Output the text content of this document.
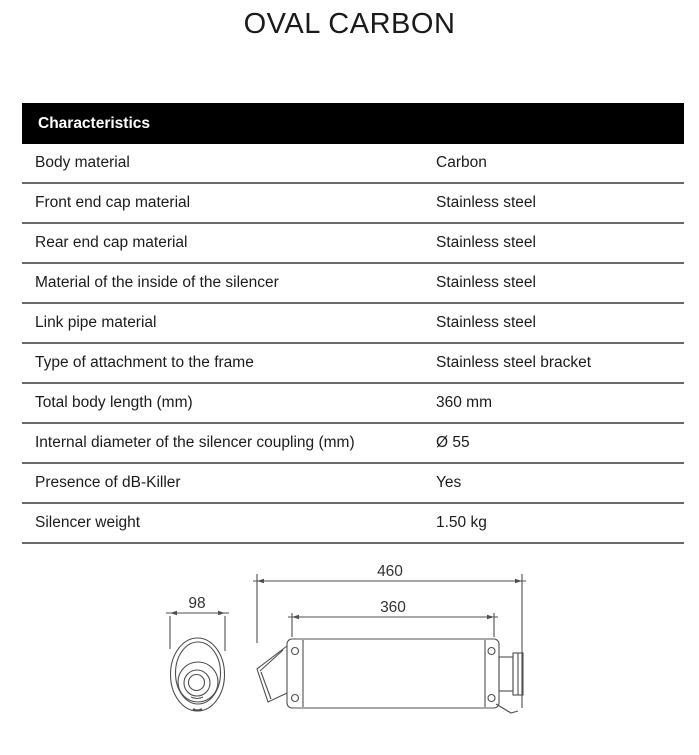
OVAL CARBON
Characteristics
Body material	Carbon
Front end cap material	Stainless steel
Rear end cap material	Stainless steel
Material of the inside of the silencer	Stainless steel
Link pipe material	Stainless steel
Type of attachment to the frame	Stainless steel bracket
Total body length (mm)	360 mm
Internal diameter of the silencer coupling (mm)	Ø 55
Presence of dB-Killer	Yes
Silencer weight	1.50 kg
98
460
360
